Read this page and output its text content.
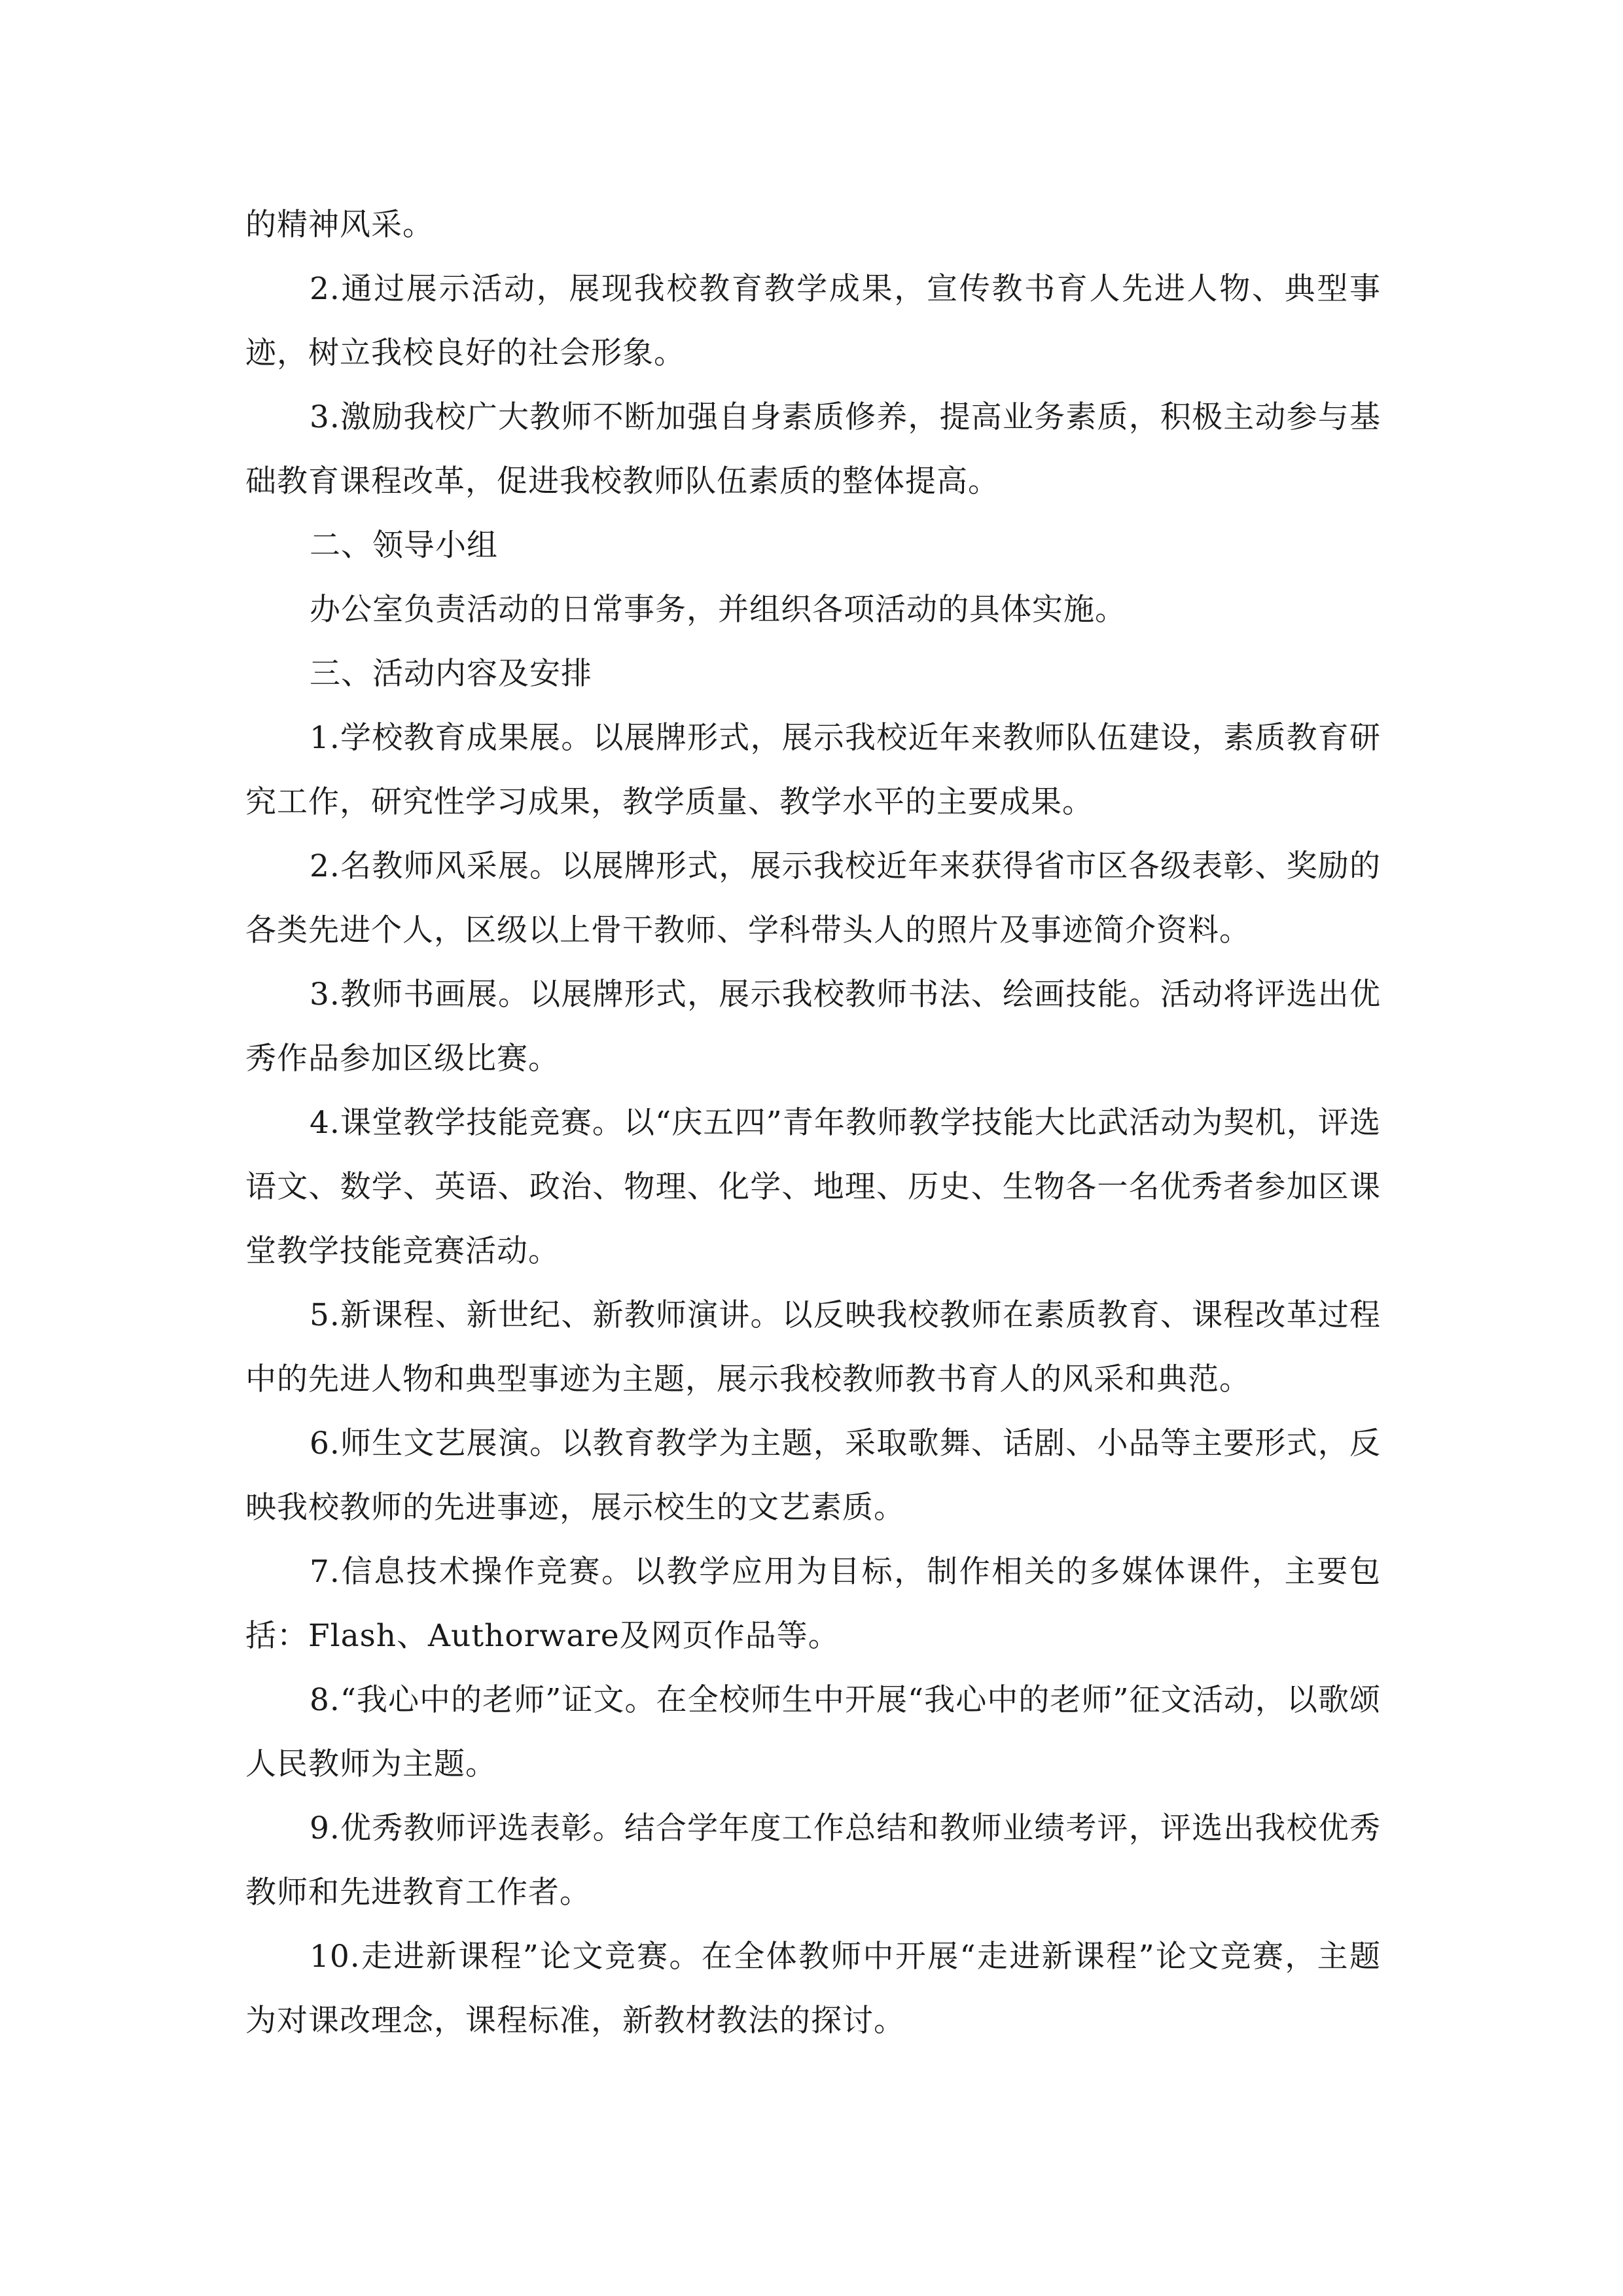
的精神风采。

2.通过展示活动，展现我校教育教学成果，宣传教书育人先进人物、典型事迹，树立我校良好的社会形象。

3.激励我校广大教师不断加强自身素质修养，提高业务素质，积极主动参与基础教育课程改革，促进我校教师队伍素质的整体提高。

二、领导小组

办公室负责活动的日常事务，并组织各项活动的具体实施。

三、活动内容及安排

1.学校教育成果展。以展牌形式，展示我校近年来教师队伍建设，素质教育研究工作，研究性学习成果，教学质量、教学水平的主要成果。

2.名教师风采展。以展牌形式，展示我校近年来获得省市区各级表彰、奖励的各类先进个人，区级以上骨干教师、学科带头人的照片及事迹简介资料。

3.教师书画展。以展牌形式，展示我校教师书法、绘画技能。活动将评选出优秀作品参加区级比赛。

4.课堂教学技能竞赛。以“庆五四”青年教师教学技能大比武活动为契机，评选语文、数学、英语、政治、物理、化学、地理、历史、生物各一名优秀者参加区课堂教学技能竞赛活动。

5.新课程、新世纪、新教师演讲。以反映我校教师在素质教育、课程改革过程中的先进人物和典型事迹为主题，展示我校教师教书育人的风采和典范。

6.师生文艺展演。以教育教学为主题，采取歌舞、话剧、小品等主要形式，反映我校教师的先进事迹，展示校生的文艺素质。

7.信息技术操作竞赛。以教学应用为目标，制作相关的多媒体课件，主要包括：Flash、Authorware及网页作品等。

8.“我心中的老师”证文。在全校师生中开展“我心中的老师”征文活动，以歌颂人民教师为主题。

9.优秀教师评选表彰。结合学年度工作总结和教师业绩考评，评选出我校优秀教师和先进教育工作者。

10.走进新课程”论文竞赛。在全体教师中开展“走进新课程”论文竞赛，主题为对课改理念，课程标准，新教材教法的探讨。
